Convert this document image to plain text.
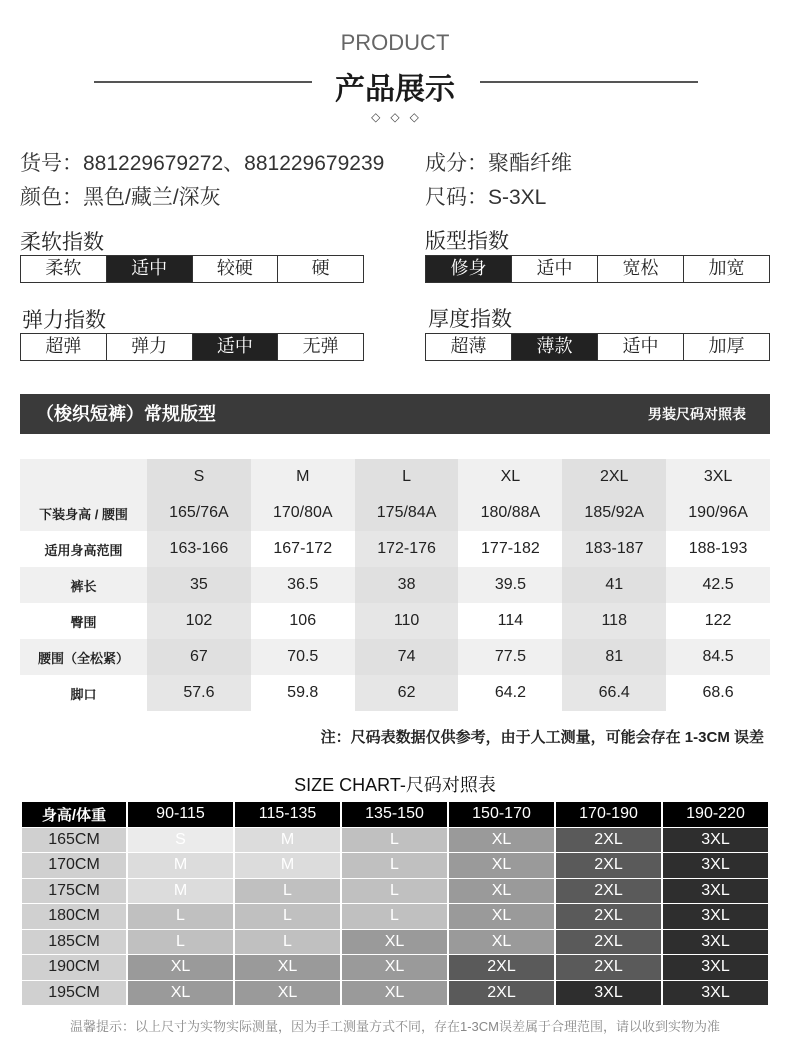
PRODUCT
产品展示
◇◇◇
货号：881229679272、881229679239 成分：聚酯纤维
颜色：黑色/藏兰/深灰	尺码：S-3XL
柔软指数
柔软	适中	较硬	硬
版型指数
修身	适中	宽松	加宽
弹力指数
超弹	弹力	适中	无弹
厚度指数
超薄	薄款	适中	加厚
（梭织短裤）常规版型	男装尺码对照表
	S	M	L	XL	2XL	3XL
下装身高 / 腰围	165/76A	170/80A	175/84A	180/88A	185/92A	190/96A
适用身高范围	163-166	167-172	172-176	177-182	183-187	188-193
裤长	35	36.5	38	39.5	41	42.5
臀围	102	106	110	114	118	122
腰围（全松紧）	67	70.5	74	77.5	81	84.5
脚口	57.6	59.8	62	64.2	66.4	68.6
注：尺码表数据仅供参考，由于人工测量，可能会存在 1-3CM 误差
SIZE CHART-尺码对照表
身高/体重	90-115	115-135	135-150	150-170	170-190	190-220
165CM	S	M	L	XL	2XL	3XL
170CM	M	M	L	XL	2XL	3XL
175CM	M	L	L	XL	2XL	3XL
180CM	L	L	L	XL	2XL	3XL
185CM	L	L	XL	XL	2XL	3XL
190CM	XL	XL	XL	2XL	2XL	3XL
195CM	XL	XL	XL	2XL	3XL	3XL
温馨提示：以上尺寸为实物实际测量，因为手工测量方式不同，存在1-3CM误差属于合理范围，请以收到实物为准
